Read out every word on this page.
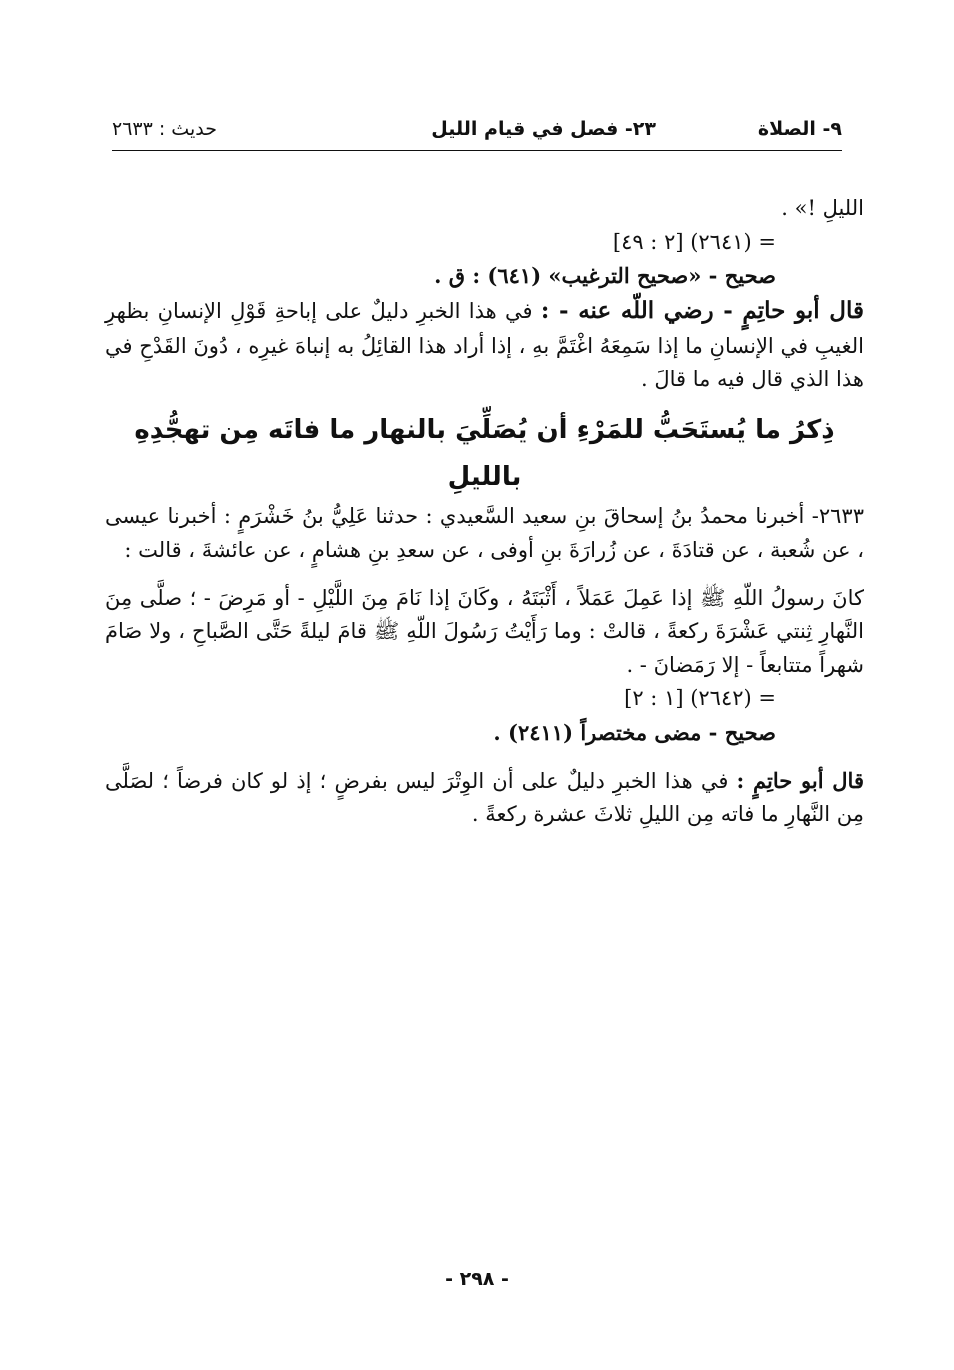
٩- الصلاة
٢٣- فصل في قيام الليل
حديث : ٢٦٣٣

الليلِ !» .

= (٢٦٤١) [٢ : ٤٩]

صحيح - «صحيح الترغيب» (٦٤١) : ق .

قال أبو حاتِمٍ - رضي اللّه عنه - : في هذا الخبرِ دليلٌ على إباحةِ قَوْلِ الإنسانِ بظهرِ الغيبِ في الإنسانِ ما إذا سَمِعَهُ اغْتَمَّ بهِ ، إذا أراد هذا القائِلُ به إنباهَ غيرِه ، دُونَ القَدْحِ في هذا الذي قال فيه ما قالَ .

ذِكرُ ما يُستَحَبُّ للمَرْءِ أن يُصَلِّيَ بالنهار ما فاتَه مِن تهجُّدِهِ بالليلِ

٢٦٣٣- أخبرنا محمدُ بنُ إسحاقَ بنِ سعيد السَّعيدي : حدثنا عَلِيُّ بنُ خَشْرَمٍ : أخبرنا عيسى ، عن شُعبة ، عن قتادَةَ ، عن زُرارَةَ بنِ أوفى ، عن سعدِ بنِ هشامٍ ، عن عائشةَ ، قالت :

كانَ رسولُ اللّهِ ﷺ إذا عَمِلَ عَمَلاً ، أَثْبَتَهُ ، وكَانَ إذا نَامَ مِنَ اللَّيْلِ - أو مَرِضَ - ؛ صلَّى مِنَ النَّهارِ ثِنتي عَشْرَةَ ركعةً ، قالتْ : وما رَأَيْتُ رَسُولَ اللّهِ ﷺ قامَ ليلةً حَتَّى الصَّباحِ ، ولا صَامَ شهراً متتابعاً - إلا رَمَضانَ - .

= (٢٦٤٢) [١ : ٢]

صحيح - مضى مختصراً (٢٤١١) .

قال أبو حاتِمٍ : في هذا الخبرِ دليلٌ على أن الوِتْرَ ليس بفرضٍ ؛ إذ لو كان فرضاً ؛ لصَلَّى مِن النَّهارِ ما فاته مِن الليلِ ثلاثَ عشرة ركعةً .

- ٢٩٨ -
